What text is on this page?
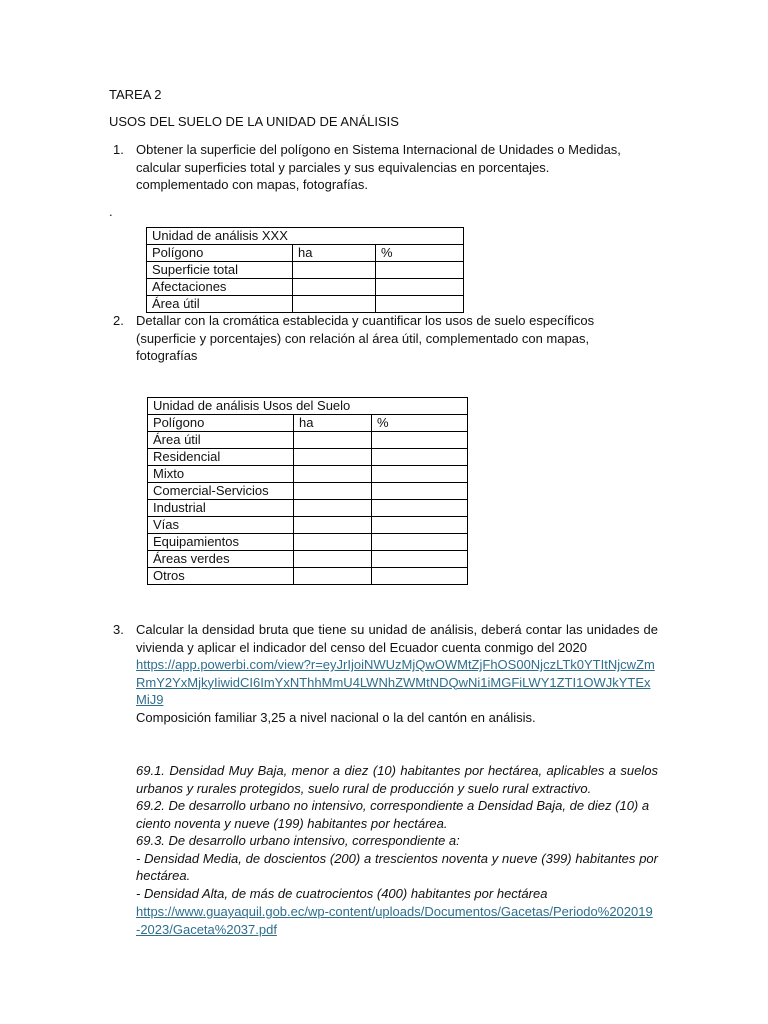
TAREA 2
USOS DEL SUELO DE LA UNIDAD DE ANÁLISIS
1. Obtener la superficie del polígono en Sistema Internacional de Unidades o Medidas,
calcular superficies total y parciales y sus equivalencias en porcentajes.
complementado con mapas, fotografías.
.
Unidad de análisis XXX		
Polígono	ha	%
Superficie total		
Afectaciones		
Área útil		
2. Detallar con la cromática establecida y cuantificar los usos de suelo específicos
(superficie y porcentajes) con relación al área útil, complementado con mapas,
fotografías
Unidad de análisis Usos del Suelo		
Polígono	ha	%
Área útil		
Residencial		
Mixto		
Comercial-Servicios		
Industrial		
Vías		
Equipamientos		
Áreas verdes		
Otros		
3. Calcular la densidad bruta que tiene su unidad de análisis, deberá contar las unidades de vivienda y aplicar el indicador del censo del Ecuador cuenta conmigo del 2020
https://app.powerbi.com/view?r=eyJrIjoiNWUzMjQwOWMtZjFhOS00NjczLTk0YTItNjcwZmRmY2YxMjkyIiwidCI6ImYxNThhMmU4LWNhZWMtNDQwNi1iMGFiLWY1ZTI1OWJkYTExMiJ9
Composición familiar 3,25 a nivel nacional o la del cantón en análisis.
69.1. Densidad Muy Baja, menor a diez (10) habitantes por hectárea, aplicables a suelos urbanos y rurales protegidos, suelo rural de producción y suelo rural extractivo.
69.2. De desarrollo urbano no intensivo, correspondiente a Densidad Baja, de diez (10) a ciento noventa y nueve (199) habitantes por hectárea.
69.3. De desarrollo urbano intensivo, correspondiente a:
- Densidad Media, de doscientos (200) a trescientos noventa y nueve (399) habitantes por hectárea.
- Densidad Alta, de más de cuatrocientos (400) habitantes por hectárea
https://www.guayaquil.gob.ec/wp-content/uploads/Documentos/Gacetas/Periodo%202019-2023/Gaceta%2037.pdf
